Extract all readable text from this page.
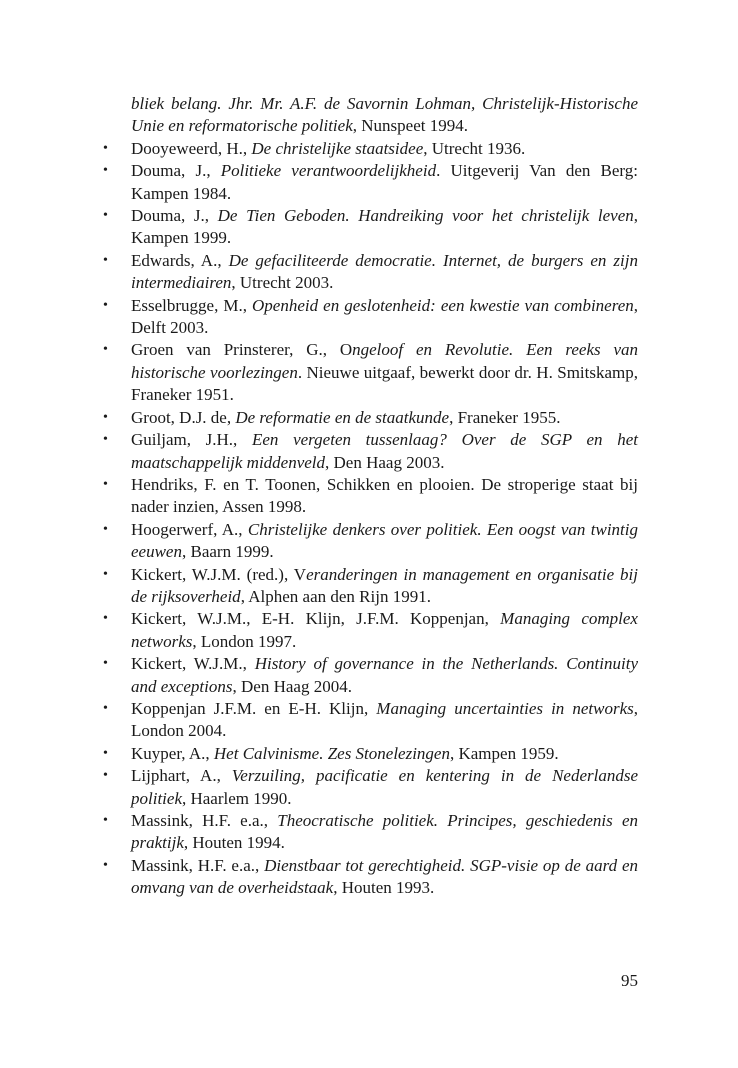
bliek belang. Jhr. Mr. A.F. de Savornin Lohman, Christelijk-Historische Unie en reformatorische politiek, Nunspeet 1994.

• Dooyeweerd, H., De christelijke staatsidee, Utrecht 1936.

• Douma, J., Politieke verantwoordelijkheid. Uitgeverij Van den Berg: Kampen 1984.

• Douma, J., De Tien Geboden. Handreiking voor het christelijk leven, Kampen 1999.

• Edwards, A., De gefaciliteerde democratie. Internet, de burgers en zijn intermediairen, Utrecht 2003.

• Esselbrugge, M., Openheid en geslotenheid: een kwestie van combineren, Delft 2003.

• Groen van Prinsterer, G., Ongeloof en Revolutie. Een reeks van historische voorlezingen. Nieuwe uitgaaf, bewerkt door dr. H. Smitskamp, Franeker 1951.

• Groot, D.J. de, De reformatie en de staatkunde, Franeker 1955.

• Guiljam, J.H., Een vergeten tussenlaag? Over de SGP en het maatschappelijk middenveld, Den Haag 2003.

• Hendriks, F. en T. Toonen, Schikken en plooien. De stroperige staat bij nader inzien, Assen 1998.

• Hoogerwerf, A., Christelijke denkers over politiek. Een oogst van twintig eeuwen, Baarn 1999.

• Kickert, W.J.M. (red.), Veranderingen in management en organisatie bij de rijksoverheid, Alphen aan den Rijn 1991.

• Kickert, W.J.M., E-H. Klijn, J.F.M. Koppenjan, Managing complex networks, London 1997.

• Kickert, W.J.M., History of governance in the Netherlands. Continuity and exceptions, Den Haag 2004.

• Koppenjan J.F.M. en E-H. Klijn, Managing uncertainties in networks, London 2004.

• Kuyper, A., Het Calvinisme. Zes Stonelezingen, Kampen 1959.

• Lijphart, A., Verzuiling, pacificatie en kentering in de Nederlandse politiek, Haarlem 1990.

• Massink, H.F. e.a., Theocratische politiek. Principes, geschiedenis en praktijk, Houten 1994.

• Massink, H.F. e.a., Dienstbaar tot gerechtigheid. SGP-visie op de aard en omvang van de overheidstaak, Houten 1993.

95
